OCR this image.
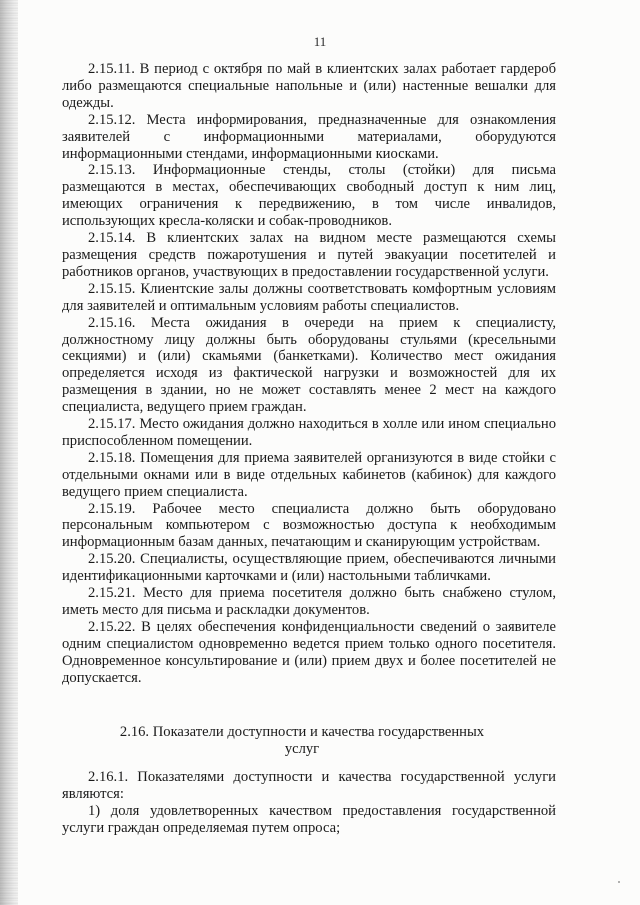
11

2.15.11. В период с октября по май в клиентских залах работает гардероб либо размещаются специальные напольные и (или) настенные вешалки для одежды.

2.15.12. Места информирования, предназначенные для ознакомления заявителей с информационными материалами, оборудуются информационными стендами, информационными киосками.

2.15.13. Информационные стенды, столы (стойки) для письма размещаются в местах, обеспечивающих свободный доступ к ним лиц, имеющих ограничения к передвижению, в том числе инвалидов, использующих кресла-коляски и собак-проводников.

2.15.14. В клиентских залах на видном месте размещаются схемы размещения средств пожаротушения и путей эвакуации посетителей и работников органов, участвующих в предоставлении государственной услуги.

2.15.15. Клиентские залы должны соответствовать комфортным условиям для заявителей и оптимальным условиям работы специалистов.

2.15.16. Места ожидания в очереди на прием к специалисту, должностному лицу должны быть оборудованы стульями (кресельными секциями) и (или) скамьями (банкетками). Количество мест ожидания определяется исходя из фактической нагрузки и возможностей для их размещения в здании, но не может составлять менее 2 мест на каждого специалиста, ведущего прием граждан.

2.15.17. Место ожидания должно находиться в холле или ином специально приспособленном помещении.

2.15.18. Помещения для приема заявителей организуются в виде стойки с отдельными окнами или в виде отдельных кабинетов (кабинок) для каждого ведущего прием специалиста.

2.15.19. Рабочее место специалиста должно быть оборудовано персональным компьютером с возможностью доступа к необходимым информационным базам данных, печатающим и сканирующим устройствам.

2.15.20. Специалисты, осуществляющие прием, обеспечиваются личными идентификационными карточками и (или) настольными табличками.

2.15.21. Место для приема посетителя должно быть снабжено стулом, иметь место для письма и раскладки документов.

2.15.22. В целях обеспечения конфиденциальности сведений о заявителе одним специалистом одновременно ведется прием только одного посетителя. Одновременное консультирование и (или) прием двух и более посетителей не допускается.

2.16. Показатели доступности и качества государственных
услуг

2.16.1. Показателями доступности и качества государственной услуги являются:

1) доля удовлетворенных качеством предоставления государственной услуги граждан определяемая путем опроса;
